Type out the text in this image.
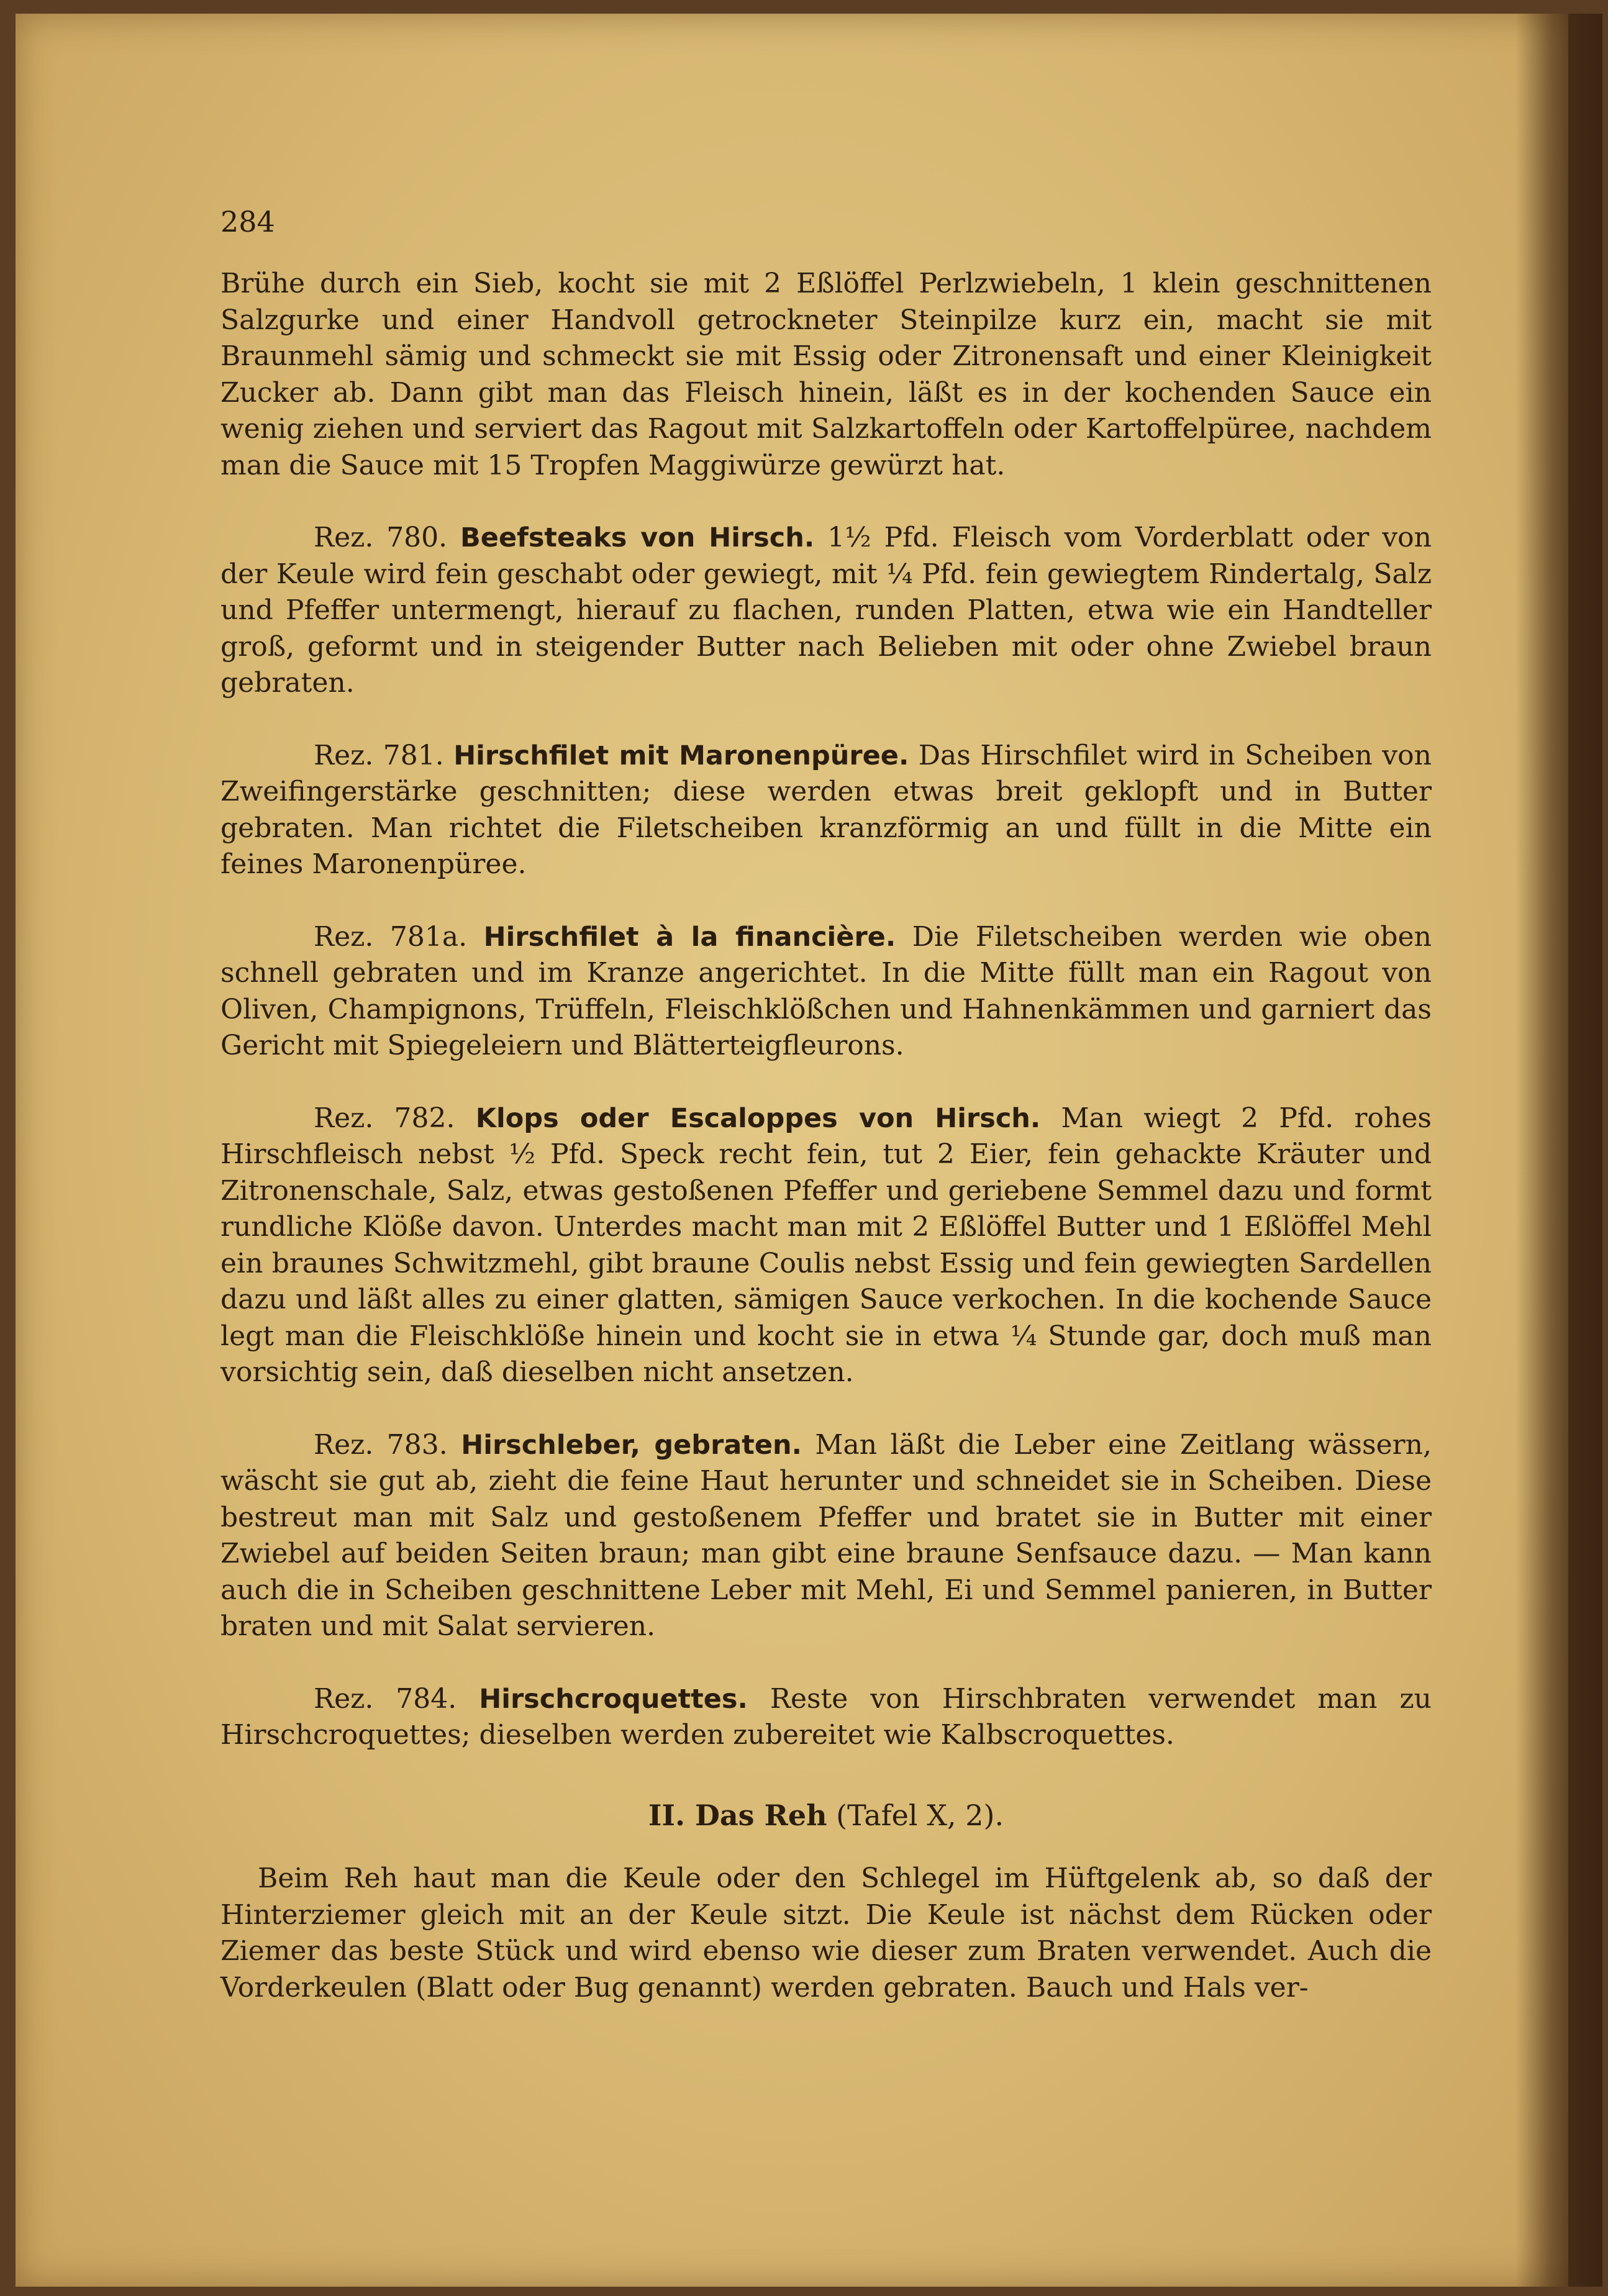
284

Brühe durch ein Sieb, kocht sie mit 2 Eßlöffel Perlzwiebeln, 1 klein geschnittenen Salzgurke und einer Handvoll getrockneter Steinpilze kurz ein, macht sie mit Braunmehl sämig und schmeckt sie mit Essig oder Zitronensaft und einer Kleinigkeit Zucker ab. Dann gibt man das Fleisch hinein, läßt es in der kochenden Sauce ein wenig ziehen und serviert das Ragout mit Salzkartoffeln oder Kartoffelpüree, nachdem man die Sauce mit 15 Tropfen Maggiwürze gewürzt hat.

Rez. 780. Beefsteaks von Hirsch. 1½ Pfd. Fleisch vom Vorderblatt oder von der Keule wird fein geschabt oder gewiegt, mit ¼ Pfd. fein gewiegtem Rindertalg, Salz und Pfeffer untermengt, hierauf zu flachen, runden Platten, etwa wie ein Handteller groß, geformt und in steigender Butter nach Belieben mit oder ohne Zwiebel braun gebraten.

Rez. 781. Hirschfilet mit Maronenpüree. Das Hirschfilet wird in Scheiben von Zweifingerstärke geschnitten; diese werden etwas breit geklopft und in Butter gebraten. Man richtet die Filetscheiben kranzförmig an und füllt in die Mitte ein feines Maronenpüree.

Rez. 781a. Hirschfilet à la financière. Die Filetscheiben werden wie oben schnell gebraten und im Kranze angerichtet. In die Mitte füllt man ein Ragout von Oliven, Champignons, Trüffeln, Fleischklößchen und Hahnenkämmen und garniert das Gericht mit Spiegeleiern und Blätterteigfleurons.

Rez. 782. Klops oder Escaloppes von Hirsch. Man wiegt 2 Pfd. rohes Hirschfleisch nebst ½ Pfd. Speck recht fein, tut 2 Eier, fein gehackte Kräuter und Zitronenschale, Salz, etwas gestoßenen Pfeffer und geriebene Semmel dazu und formt rundliche Klöße davon. Unterdes macht man mit 2 Eßlöffel Butter und 1 Eßlöffel Mehl ein braunes Schwitzmehl, gibt braune Coulis nebst Essig und fein gewiegten Sardellen dazu und läßt alles zu einer glatten, sämigen Sauce verkochen. In die kochende Sauce legt man die Fleischklöße hinein und kocht sie in etwa ¼ Stunde gar, doch muß man vorsichtig sein, daß dieselben nicht ansetzen.

Rez. 783. Hirschleber, gebraten. Man läßt die Leber eine Zeitlang wässern, wäscht sie gut ab, zieht die feine Haut herunter und schneidet sie in Scheiben. Diese bestreut man mit Salz und gestoßenem Pfeffer und bratet sie in Butter mit einer Zwiebel auf beiden Seiten braun; man gibt eine braune Senfsauce dazu. — Man kann auch die in Scheiben geschnittene Leber mit Mehl, Ei und Semmel panieren, in Butter braten und mit Salat servieren.

Rez. 784. Hirschcroquettes. Reste von Hirschbraten verwendet man zu Hirschcroquettes; dieselben werden zubereitet wie Kalbscroquettes.

II. Das Reh (Tafel X, 2).

Beim Reh haut man die Keule oder den Schlegel im Hüftgelenk ab, so daß der Hinterziemer gleich mit an der Keule sitzt. Die Keule ist nächst dem Rücken oder Ziemer das beste Stück und wird ebenso wie dieser zum Braten verwendet. Auch die Vorderkeulen (Blatt oder Bug genannt) werden gebraten. Bauch und Hals ver-
